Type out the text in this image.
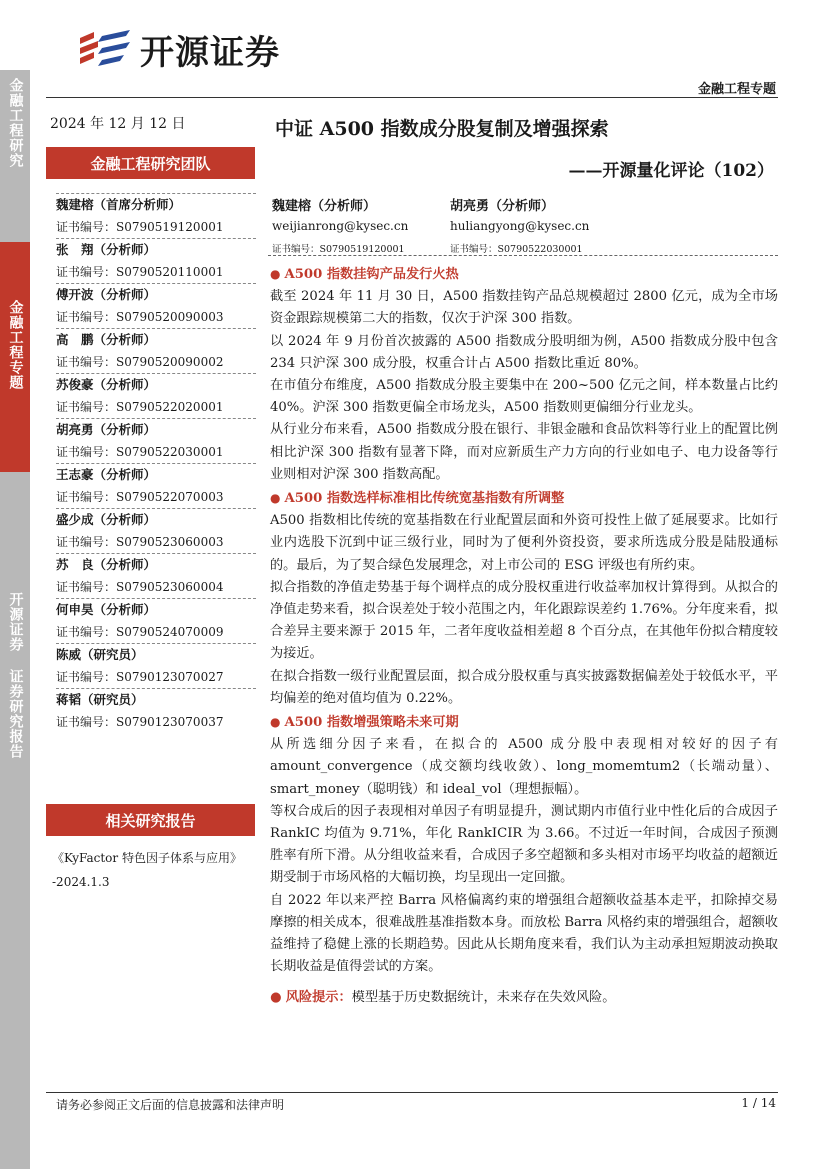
金融工程研究
金融工程专题
开源证券 证券研究报告
开源证券
金融工程专题
2024 年 12 月 12 日	中证 A500 指数成分股复制及增强探索
——开源量化评论（102）
金融工程研究团队
魏建榕（首席分析师）
证书编号：S0790519120001
张　翔（分析师）
证书编号：S0790520110001
傅开波（分析师）
证书编号：S0790520090003
高　鹏（分析师）
证书编号：S0790520090002
苏俊豪（分析师）
证书编号：S0790522020001
胡亮勇（分析师）
证书编号：S0790522030001
王志豪（分析师）
证书编号：S0790522070003
盛少成（分析师）
证书编号：S0790523060003
苏　良（分析师）
证书编号：S0790523060004
何申昊（分析师）
证书编号：S0790524070009
陈威（研究员）
证书编号：S0790123070027
蒋韬（研究员）
证书编号：S0790123070037
相关研究报告
《KyFactor 特色因子体系与应用》
-2024.1.3
魏建榕（分析师）
weijianrong@kysec.cn
证书编号：S0790519120001
胡亮勇（分析师）
huliangyong@kysec.cn
证书编号：S0790522030001
● A500 指数挂钩产品发行火热
截至 2024 年 11 月 30 日，A500 指数挂钩产品总规模超过 2800 亿元，成为全市场资金跟踪规模第二大的指数，仅次于沪深 300 指数。
以 2024 年 9 月份首次披露的 A500 指数成分股明细为例，A500 指数成分股中包含 234 只沪深 300 成分股，权重合计占 A500 指数比重近 80%。
在市值分布维度，A500 指数成分股主要集中在 200~500 亿元之间，样本数量占比约 40%。沪深 300 指数更偏全市场龙头，A500 指数则更偏细分行业龙头。
从行业分布来看，A500 指数成分股在银行、非银金融和食品饮料等行业上的配置比例相比沪深 300 指数有显著下降，而对应新质生产力方向的行业如电子、电力设备等行业则相对沪深 300 指数高配。
● A500 指数选样标准相比传统宽基指数有所调整
A500 指数相比传统的宽基指数在行业配置层面和外资可投性上做了延展要求。比如行业内选股下沉到中证三级行业，同时为了便利外资投资，要求所选成分股是陆股通标的。最后，为了契合绿色发展理念，对上市公司的 ESG 评级也有所约束。
拟合指数的净值走势基于每个调样点的成分股权重进行收益率加权计算得到。从拟合的净值走势来看，拟合误差处于较小范围之内，年化跟踪误差约 1.76%。分年度来看，拟合差异主要来源于 2015 年，二者年度收益相差超 8 个百分点，在其他年份拟合精度较为接近。
在拟合指数一级行业配置层面，拟合成分股权重与真实披露数据偏差处于较低水平，平均偏差的绝对值均值为 0.22%。
● A500 指数增强策略未来可期
从所选细分因子来看，在拟合的 A500 成分股中表现相对较好的因子有 amount_convergence（成交额均线收敛）、long_momemtum2（长端动量）、smart_money（聪明钱）和 ideal_vol（理想振幅）。
等权合成后的因子表现相对单因子有明显提升，测试期内市值行业中性化后的合成因子 RankIC 均值为 9.71%，年化 RankICIR 为 3.66。不过近一年时间，合成因子预测胜率有所下滑。从分组收益来看，合成因子多空超额和多头相对市场平均收益的超额近期受制于市场风格的大幅切换，均呈现出一定回撤。
自 2022 年以来严控 Barra 风格偏离约束的增强组合超额收益基本走平，扣除掉交易摩擦的相关成本，很难战胜基准指数本身。而放松 Barra 风格约束的增强组合，超额收益维持了稳健上涨的长期趋势。因此从长期角度来看，我们认为主动承担短期波动换取长期收益是值得尝试的方案。
● 风险提示：模型基于历史数据统计，未来存在失效风险。
请务必参阅正文后面的信息披露和法律声明	1 / 14
